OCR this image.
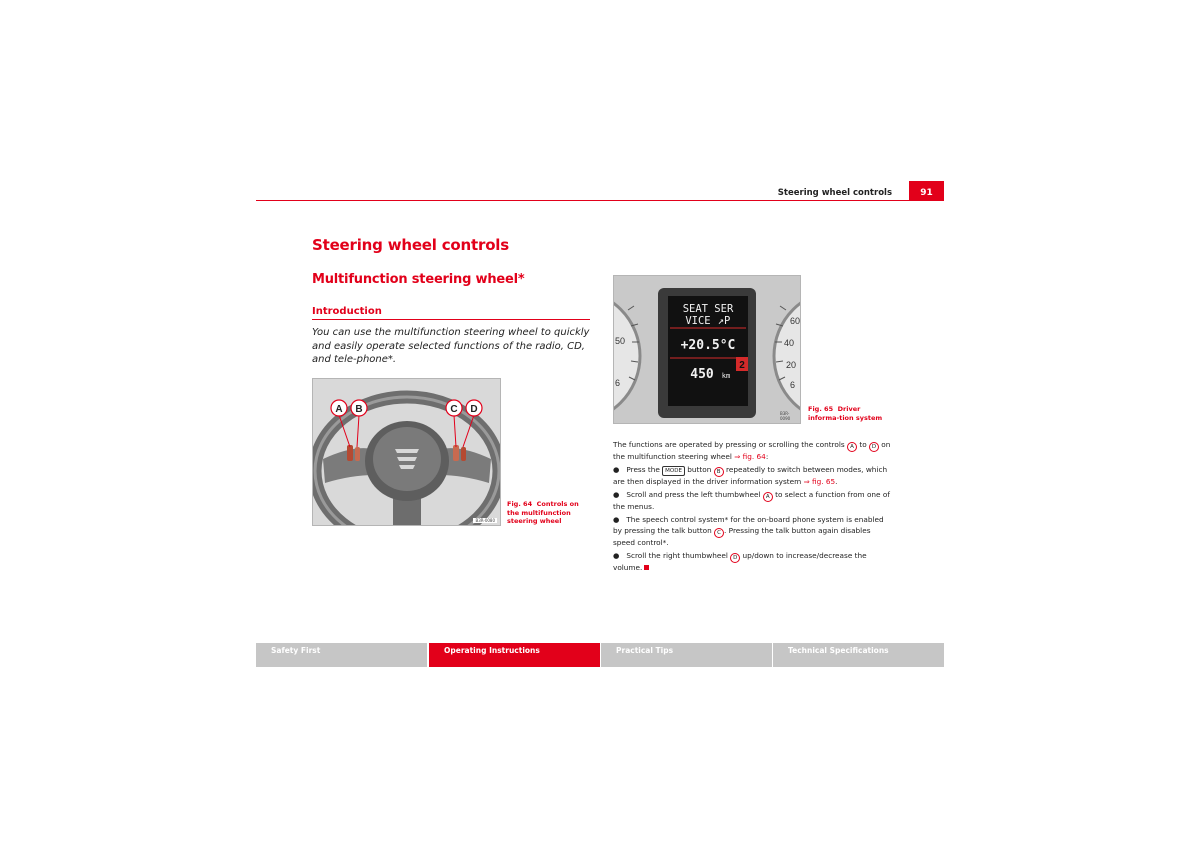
Steering wheel controls	91
Steering wheel controls
Multifunction steering wheel*
Introduction
You can use the multifunction steering wheel to quickly and easily operate selected functions of the radio, CD, and tele-phone*.
A B	C D
B3R-0080
Fig. 64 Controls on the multifunction steering wheel
50
6
60
40
20
6
SEAT SER
VICE ↗P
+20.5°C
2
450 km
B3R-0090
Fig. 65 Driver informa-tion system

The functions are operated by pressing or scrolling the controls A to D on the multifunction steering wheel ⇒ fig. 64:

●   Press the MODE button B repeatedly to switch between modes, which are then displayed in the driver information system ⇒ fig. 65.

●   Scroll and press the left thumbwheel A to select a function from one of the menus.

●   The speech control system* for the on-board phone system is enabled by pressing the talk button C . Pressing the talk button again disables speed control*.

●   Scroll the right thumbwheel D up/down to increase/decrease the volume.

Safety First	Operating Instructions	Practical Tips	Technical Specifications
